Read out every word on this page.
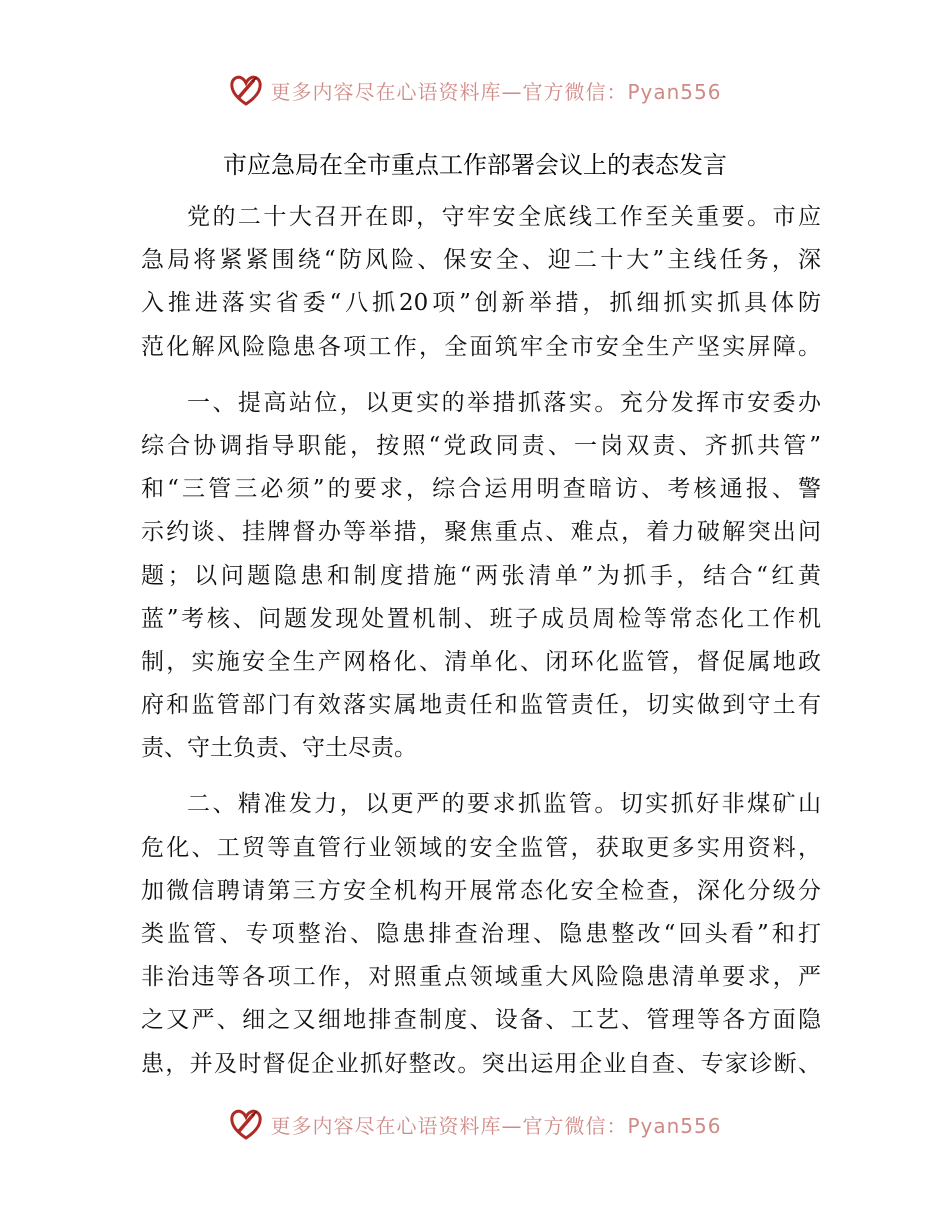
更多内容尽在心语资料库—官方微信：Pyan556
市应急局在全市重点工作部署会议上的表态发言
党的二十大召开在即，守牢安全底线工作至关重要。市应
急局将紧紧围绕“防风险、保安全、迎二十大”主线任务，深
入推进落实省委“八抓20项”创新举措，抓细抓实抓具体防
范化解风险隐患各项工作，全面筑牢全市安全生产坚实屏障。
一、提高站位，以更实的举措抓落实。充分发挥市安委办
综合协调指导职能，按照“党政同责、一岗双责、齐抓共管”
和“三管三必须”的要求，综合运用明查暗访、考核通报、警
示约谈、挂牌督办等举措，聚焦重点、难点，着力破解突出问
题；以问题隐患和制度措施“两张清单”为抓手，结合“红黄
蓝”考核、问题发现处置机制、班子成员周检等常态化工作机
制，实施安全生产网格化、清单化、闭环化监管，督促属地政
府和监管部门有效落实属地责任和监管责任，切实做到守土有
责、守土负责、守土尽责。
二、精准发力，以更严的要求抓监管。切实抓好非煤矿山
危化、工贸等直管行业领域的安全监管，获取更多实用资料，
加微信聘请第三方安全机构开展常态化安全检查，深化分级分
类监管、专项整治、隐患排查治理、隐患整改“回头看”和打
非治违等各项工作，对照重点领域重大风险隐患清单要求，严
之又严、细之又细地排查制度、设备、工艺、管理等各方面隐
患，并及时督促企业抓好整改。突出运用企业自查、专家诊断、
更多内容尽在心语资料库—官方微信：Pyan556
